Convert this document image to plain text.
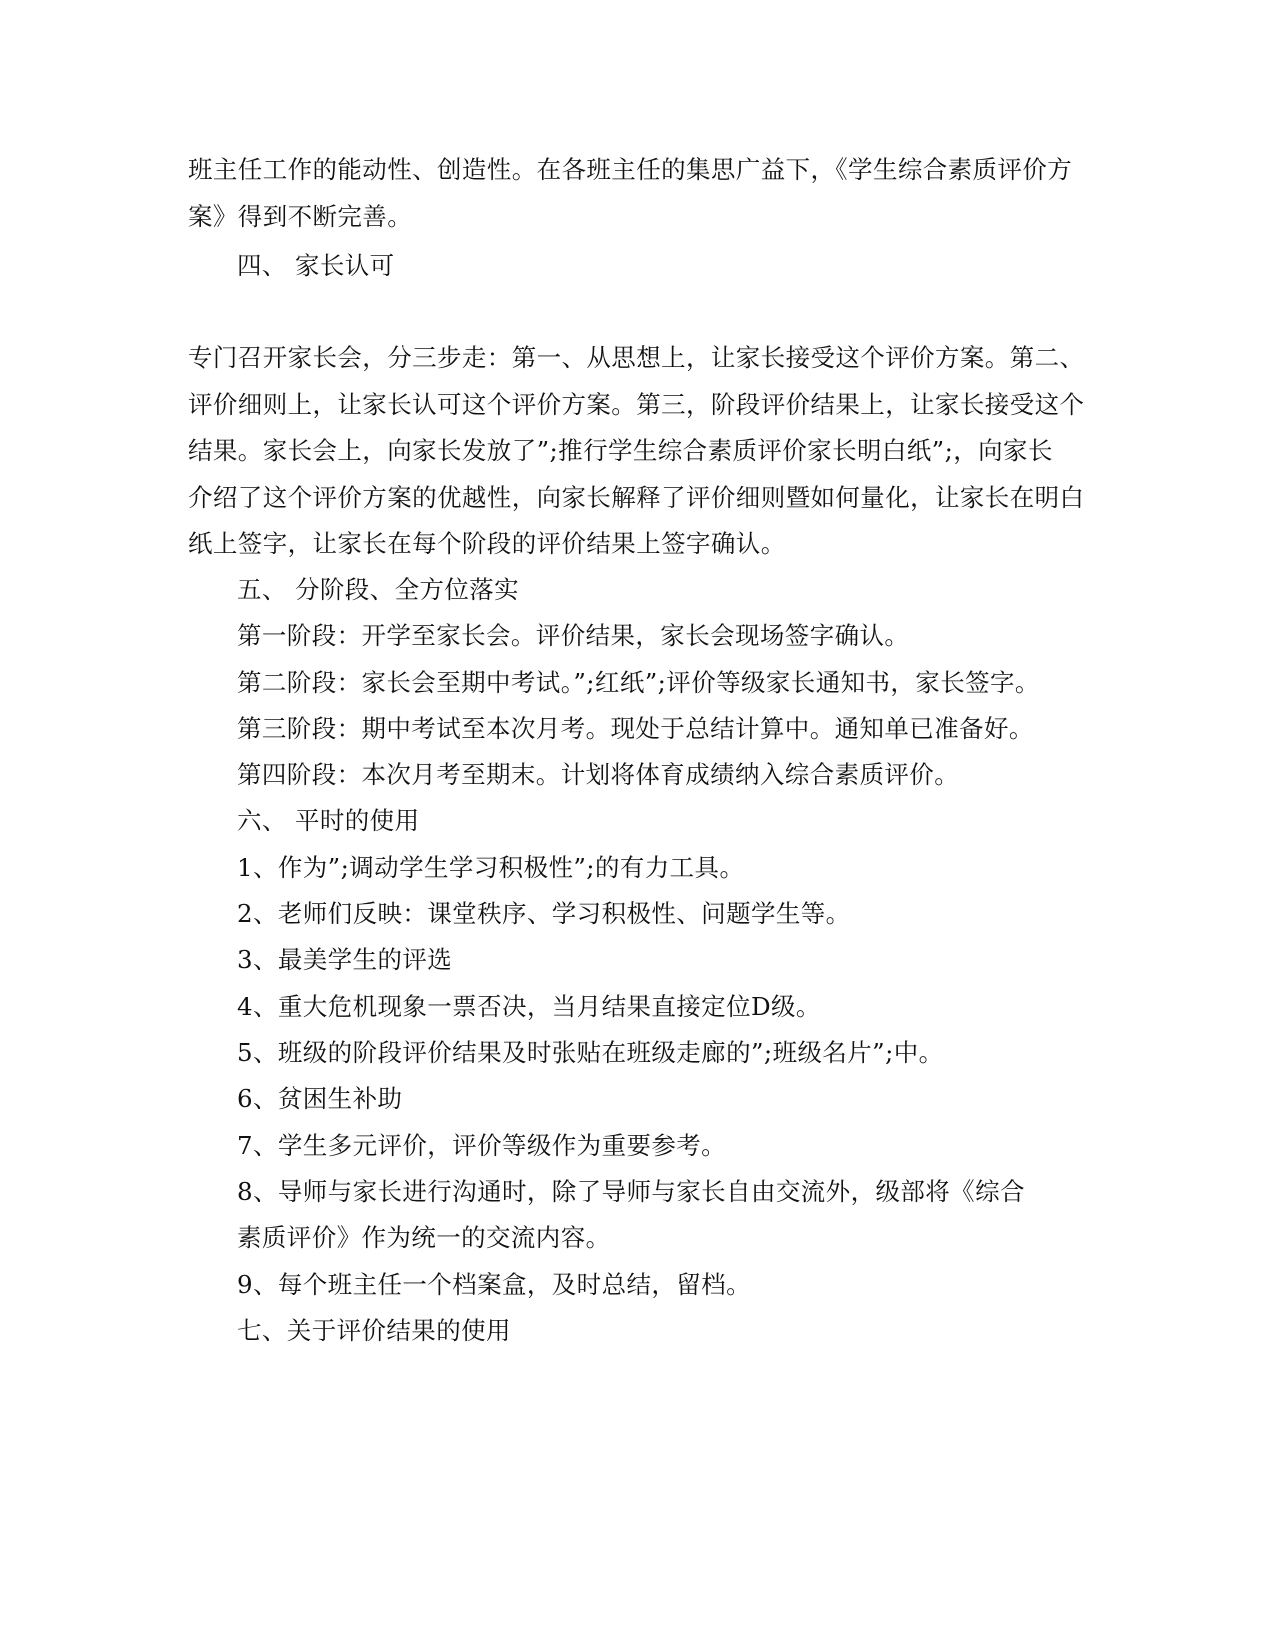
班主任工作的能动性、创造性。在各班主任的集思广益下，《学生综合素质评价方
案》得到不断完善。
四、 家长认可
专门召开家长会，分三步走：第一、从思想上，让家长接受这个评价方案。第二、
评价细则上，让家长认可这个评价方案。第三，阶段评价结果上，让家长接受这个
结果。家长会上，向家长发放了”;推行学生综合素质评价家长明白纸”;，向家长
介绍了这个评价方案的优越性，向家长解释了评价细则暨如何量化，让家长在明白
纸上签字，让家长在每个阶段的评价结果上签字确认。
五、 分阶段、全方位落实
第一阶段：开学至家长会。评价结果，家长会现场签字确认。
第二阶段：家长会至期中考试。”;红纸”;评价等级家长通知书，家长签字。
第三阶段：期中考试至本次月考。现处于总结计算中。通知单已准备好。
第四阶段：本次月考至期末。计划将体育成绩纳入综合素质评价。
六、 平时的使用
1、作为”;调动学生学习积极性”;的有力工具。
2、老师们反映：课堂秩序、学习积极性、问题学生等。
3、最美学生的评选
4、重大危机现象一票否决，当月结果直接定位D级。
5、班级的阶段评价结果及时张贴在班级走廊的”;班级名片”;中。
6、贫困生补助
7、学生多元评价，评价等级作为重要参考。
8、导师与家长进行沟通时，除了导师与家长自由交流外，级部将《综合
素质评价》作为统一的交流内容。
9、每个班主任一个档案盒，及时总结，留档。
七、关于评价结果的使用
